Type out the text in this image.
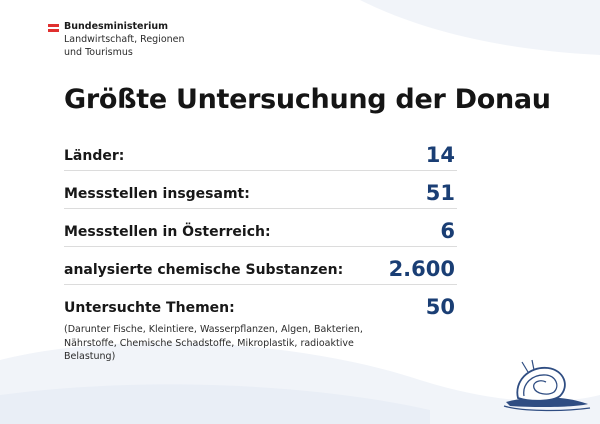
Bundesministerium
Landwirtschaft, Regionen
und Tourismus
Größte Untersuchung der Donau
Länder:	14
Messstellen insgesamt:	51
Messstellen in Österreich:	6
analysierte chemische Substanzen: 2.600
Untersuchte Themen:	50
(Darunter Fische, Kleintiere, Wasserpflanzen, Algen, Bakterien, Nährstoffe, Chemische Schadstoffe, Mikroplastik, radioaktive Belastung)
